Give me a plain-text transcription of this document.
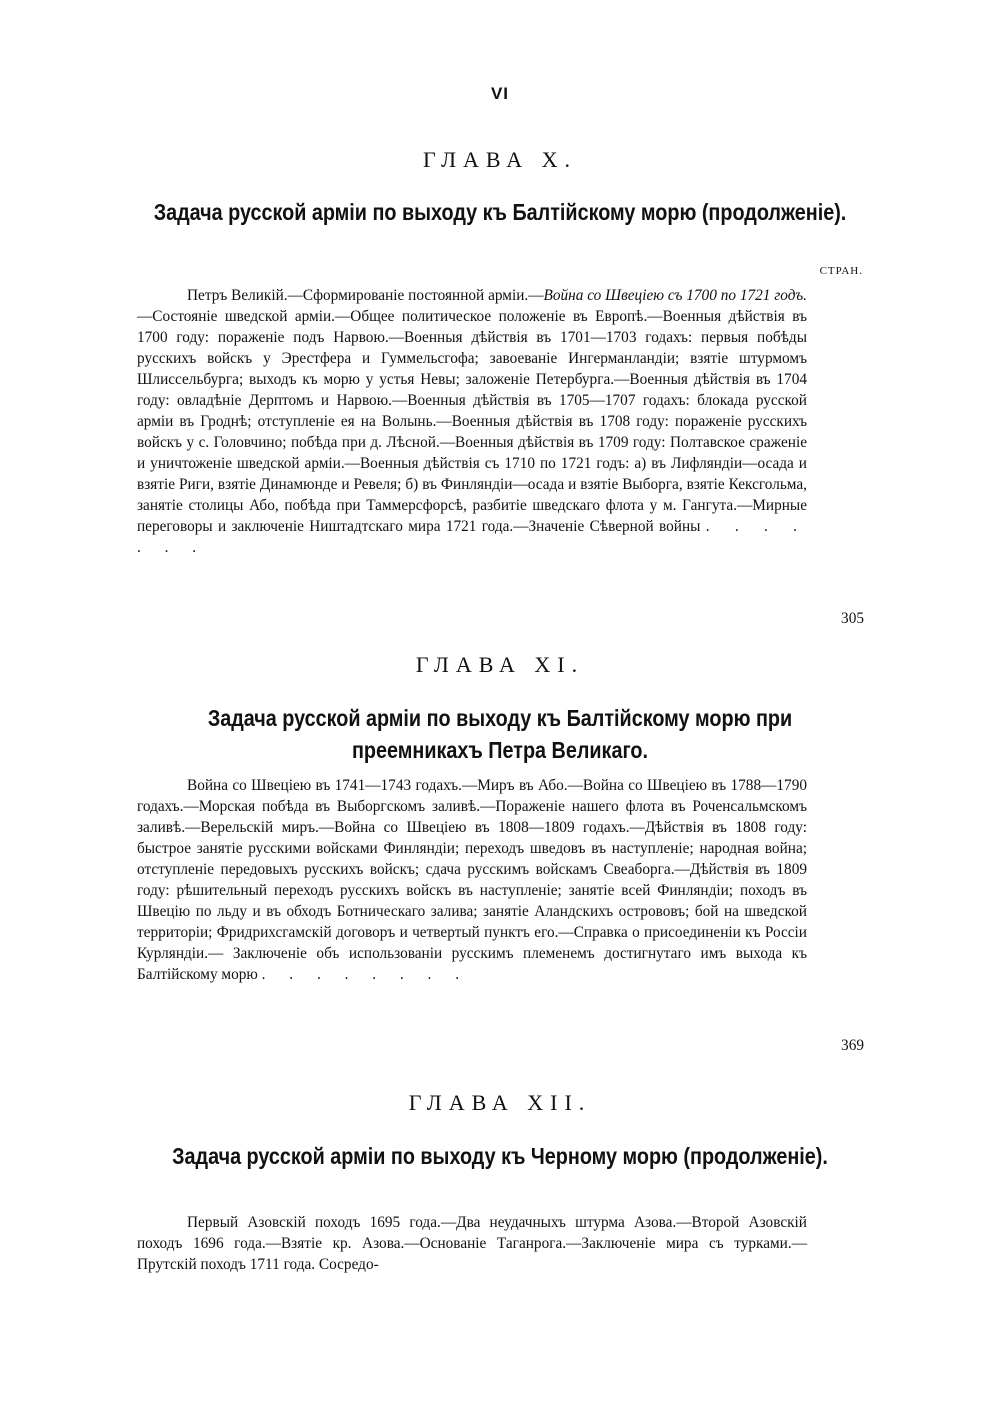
VI
ГЛАВА X.
Задача русской арміи по выходу къ Балтійскому морю (продолженіе).
СТРАН.
Петръ Великій.—Сформированіе постоянной арміи.—Война со Швеціею съ 1700 по 1721 годъ.—Состояніе шведской арміи.—Общее политическое положеніе въ Европѣ.—Военныя дѣйствія въ 1700 году: пораженіе подъ Нарвою.—Военныя дѣйствія въ 1701—1703 годахъ: первыя побѣды русскихъ войскъ у Эрестфера и Гуммельсгофа; завоеваніе Ингерманландіи; взятіе штурмомъ Шлиссельбурга; выходъ къ морю у устья Невы; заложеніе Петербурга.—Военныя дѣйствія въ 1704 году: овладѣніе Дерптомъ и Нарвою.—Военныя дѣйствія въ 1705—1707 годахъ: блокада русской арміи въ Гроднѣ; отступленіе ея на Волынь.—Военныя дѣйствія въ 1708 году: пораженіе русскихъ войскъ у с. Головчино; побѣда при д. Лѣсной.—Военныя дѣйствія въ 1709 году: Полтавское сраженіе и уничтоженіе шведской арміи.—Военныя дѣйствія съ 1710 по 1721 годъ: а) въ Лифляндіи—осада и взятіе Риги, взятіе Динамюнде и Ревеля; б) въ Финляндіи—осада и взятіе Выборга, взятіе Кексгольма, занятіе столицы Або, побѣда при Таммерсфорсѣ, разбитіе шведскаго флота у м. Гангута.—Мирные переговоры и заключеніе Ништадтскаго мира 1721 года.—Значеніе Сѣверной войны . . . . . . .
305
ГЛАВА XI.
Задача русской арміи по выходу къ Балтійскому морю при преемникахъ Петра Великаго.
Война со Швеціею въ 1741—1743 годахъ.—Миръ въ Або.—Война со Швеціею въ 1788—1790 годахъ.—Морская побѣда въ Выборгскомъ заливѣ.—Пораженіе нашего флота въ Роченсальмскомъ заливѣ.—Верельскій миръ.—Война со Швеціею въ 1808—1809 годахъ.—Дѣйствія въ 1808 году: быстрое занятіе русскими войсками Финляндіи; переходъ шведовъ въ наступленіе; народная война; отступленіе передовыхъ русскихъ войскъ; сдача русскимъ войскамъ Свеаборга.—Дѣйствія въ 1809 году: рѣшительный переходъ русскихъ войскъ въ наступленіе; занятіе всей Финляндіи; походъ въ Швецію по льду и въ обходъ Ботническаго залива; занятіе Аландскихъ острововъ; бой на шведской территоріи; Фридрихсгамскій договоръ и четвертый пунктъ его.—Справка о присоединеніи къ Россіи Курляндіи.— Заключеніе объ использованіи русскимъ племенемъ достигнутаго имъ выхода къ Балтійскому морю . . . . . . . .
369
ГЛАВА XII.
Задача русской арміи по выходу къ Черному морю (продолженіе).
Первый Азовскій походъ 1695 года.—Два неудачныхъ штурма Азова.—Второй Азовскій походъ 1696 года.—Взятіе кр. Азова.—Основаніе Таганрога.—Заключеніе мира съ турками.—Прутскій походъ 1711 года. Сосредо-
